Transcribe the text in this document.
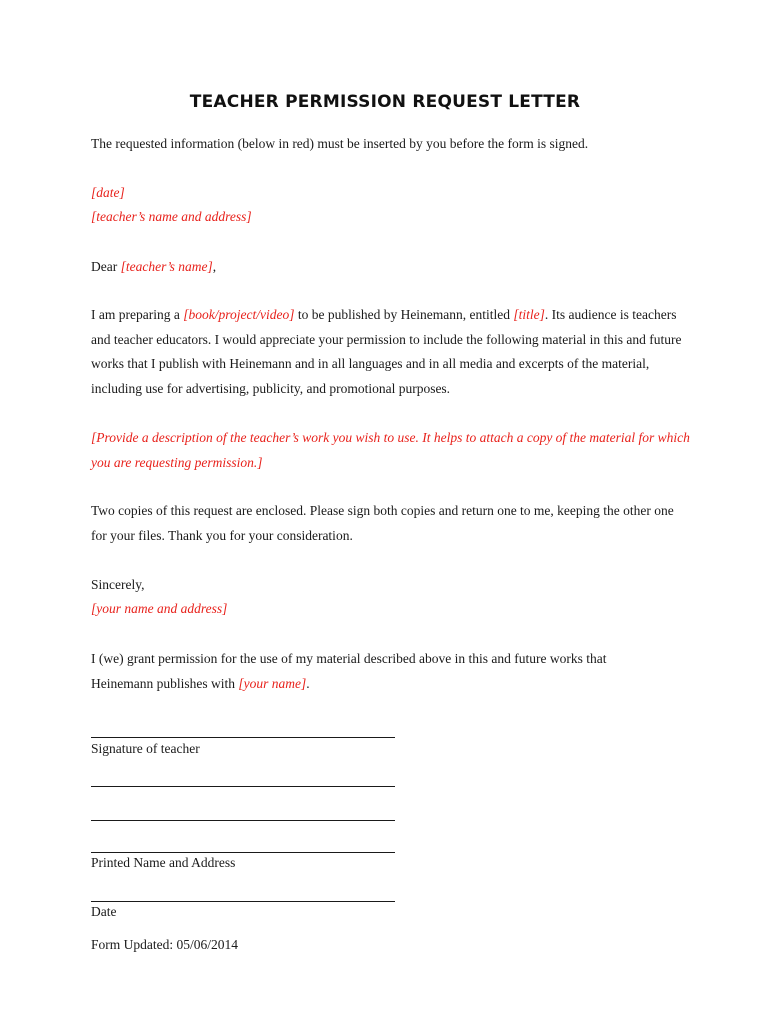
TEACHER PERMISSION REQUEST LETTER
The requested information (below in red) must be inserted by you before the form is signed.
[date]
[teacher’s name and address]
Dear [teacher’s name],
I am preparing a [book/project/video] to be published by Heinemann, entitled [title]. Its audience is teachers and teacher educators. I would appreciate your permission to include the following material in this and future works that I publish with Heinemann and in all languages and in all media and excerpts of the material, including use for advertising, publicity, and promotional purposes.
[Provide a description of the teacher’s work you wish to use. It helps to attach a copy of the material for which you are requesting permission.]
Two copies of this request are enclosed. Please sign both copies and return one to me, keeping the other one for your files. Thank you for your consideration.
Sincerely,
[your name and address]
I (we) grant permission for the use of my material described above in this and future works that Heinemann publishes with [your name].
Signature of teacher
Printed Name and Address
Date
Form Updated: 05/06/2014
